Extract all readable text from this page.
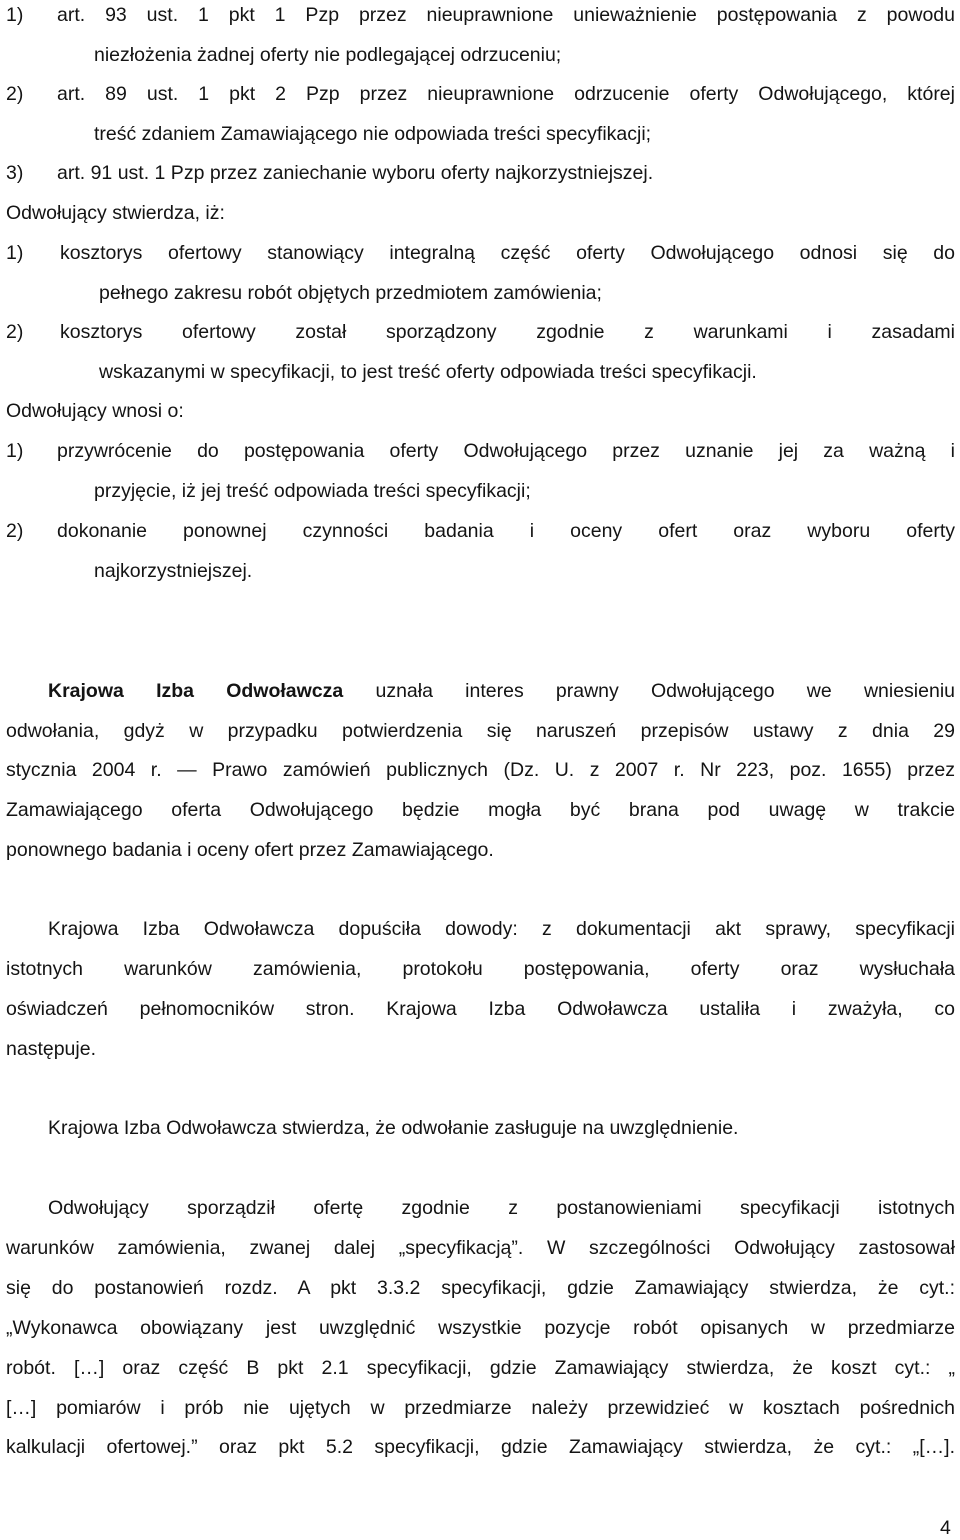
1) art. 93 ust. 1 pkt 1 Pzp przez nieuprawnione unieważnienie postępowania z powodu
niezłożenia żadnej oferty nie podlegającej odrzuceniu;
2) art. 89 ust. 1 pkt 2 Pzp przez nieuprawnione odrzucenie oferty Odwołującego, której
treść zdaniem Zamawiającego nie odpowiada treści specyfikacji;
3) art. 91 ust. 1 Pzp przez zaniechanie wyboru oferty najkorzystniejszej.
Odwołujący stwierdza, iż:
1) kosztorys ofertowy stanowiący integralną część oferty Odwołującego odnosi się do
pełnego zakresu robót objętych przedmiotem zamówienia;
2) kosztorys ofertowy został sporządzony zgodnie z warunkami i zasadami
wskazanymi w specyfikacji, to jest treść oferty odpowiada treści specyfikacji.
Odwołujący wnosi o:
1) przywrócenie do postępowania oferty Odwołującego przez uznanie jej za ważną i
przyjęcie, iż jej treść odpowiada treści specyfikacji;
2) dokonanie ponownej czynności badania i oceny ofert oraz wyboru oferty
najkorzystniejszej.
Krajowa Izba Odwoławcza uznała interes prawny Odwołującego we wniesieniu
odwołania, gdyż w przypadku potwierdzenia się naruszeń przepisów ustawy z dnia 29
stycznia 2004 r. — Prawo zamówień publicznych (Dz. U. z 2007 r. Nr 223, poz. 1655) przez
Zamawiającego oferta Odwołującego będzie mogła być brana pod uwagę w trakcie
ponownego badania i oceny ofert przez Zamawiającego.
Krajowa Izba Odwoławcza dopuściła dowody: z dokumentacji akt sprawy, specyfikacji
istotnych warunków zamówienia, protokołu postępowania, oferty oraz wysłuchała
oświadczeń pełnomocników stron. Krajowa Izba Odwoławcza ustaliła i zważyła, co
następuje.
Krajowa Izba Odwoławcza stwierdza, że odwołanie zasługuje na uwzględnienie.
Odwołujący sporządził ofertę zgodnie z postanowieniami specyfikacji istotnych
warunków zamówienia, zwanej dalej „specyfikacją”. W szczególności Odwołujący zastosował
się do postanowień rozdz. A pkt 3.3.2 specyfikacji, gdzie Zamawiający stwierdza, że cyt.:
„Wykonawca obowiązany jest uwzględnić wszystkie pozycje robót opisanych w przedmiarze
robót. […] oraz część B pkt 2.1 specyfikacji, gdzie Zamawiający stwierdza, że koszt cyt.: „
[…] pomiarów i prób nie ujętych w przedmiarze należy przewidzieć w kosztach pośrednich
kalkulacji ofertowej.” oraz pkt 5.2 specyfikacji, gdzie Zamawiający stwierdza, że cyt.: „[…].
4
